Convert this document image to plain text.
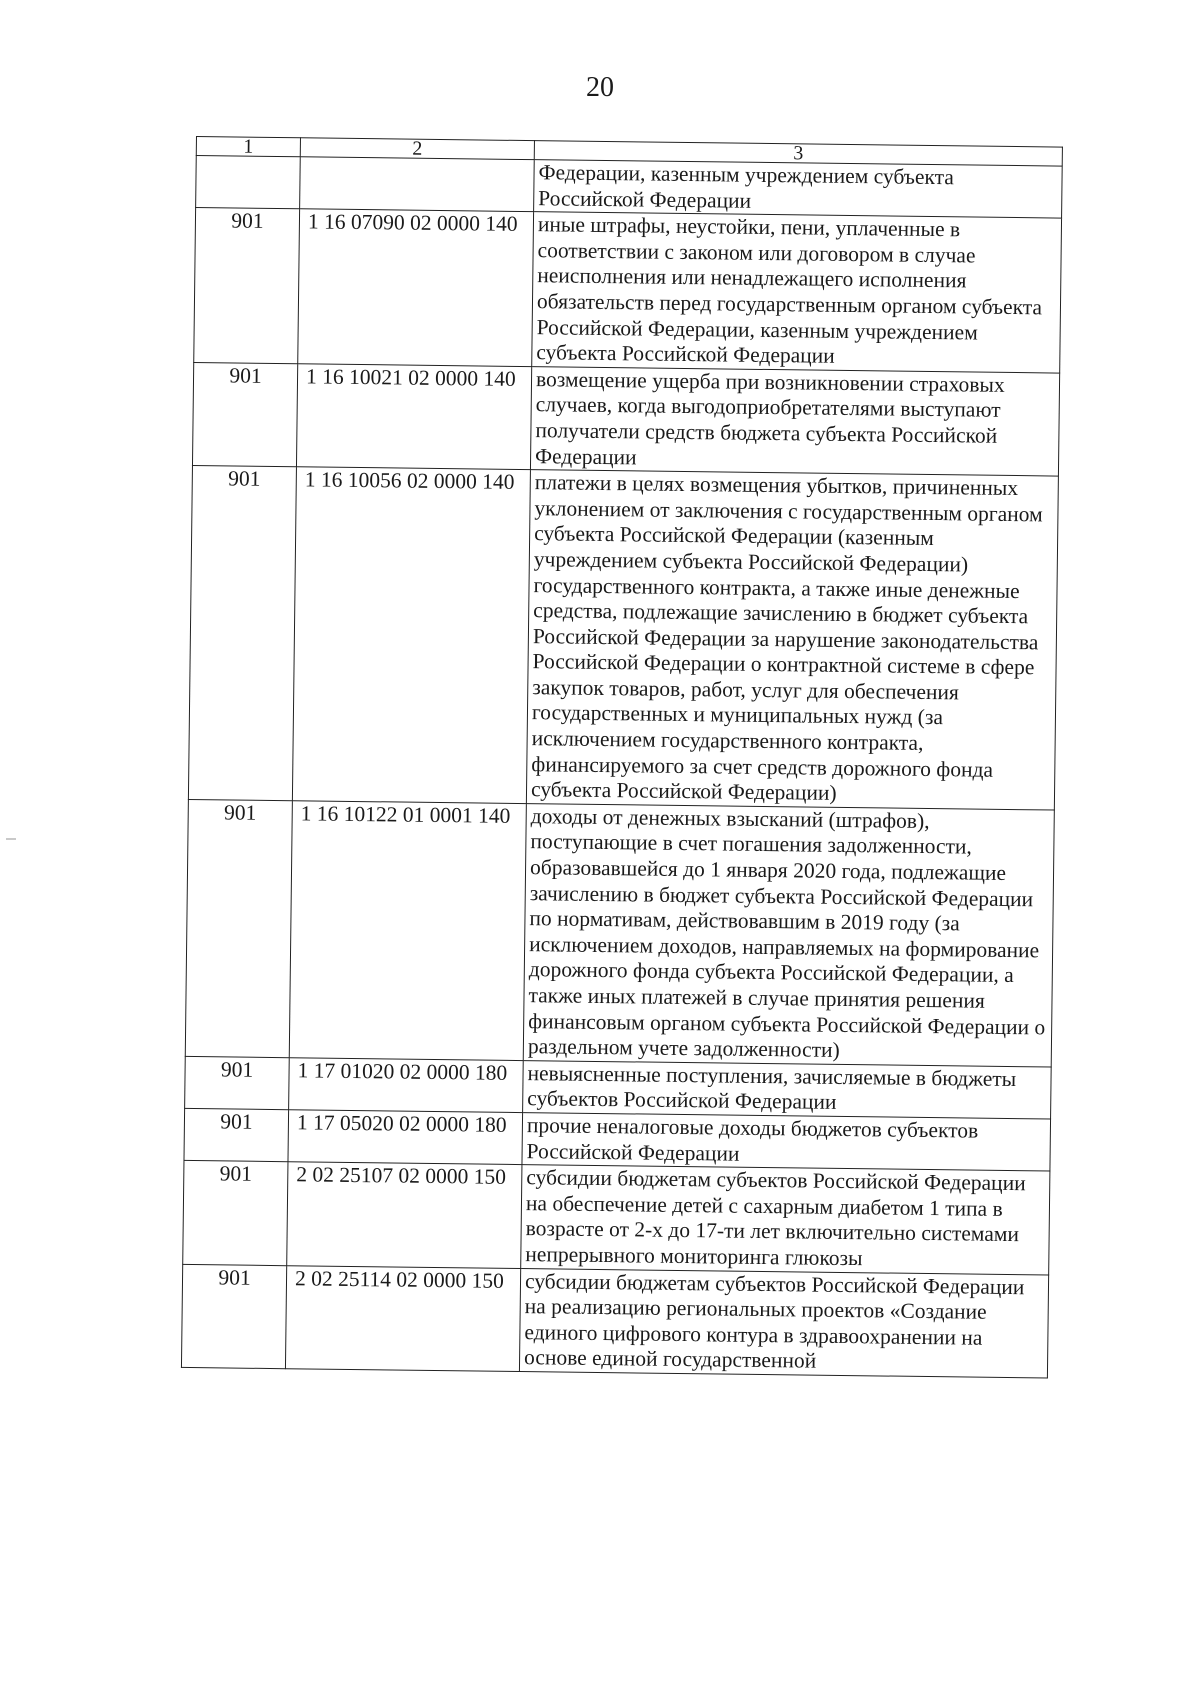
20
1	2	3
		Федерации, казенным учреждением субъекта Российской Федерации
901	1 16 07090 02 0000 140	иные штрафы, неустойки, пени, уплаченные в соответствии с законом или договором в случае неисполнения или ненадлежащего исполнения обязательств перед государственным органом субъекта Российской Федерации, казенным учреждением субъекта Российской Федерации
901	1 16 10021 02 0000 140	возмещение ущерба при возникновении страховых случаев, когда выгодоприобретателями выступают получатели средств бюджета субъекта Российской Федерации
901	1 16 10056 02 0000 140	платежи в целях возмещения убытков, причиненных уклонением от заключения с государственным органом субъекта Российской Федерации (казенным учреждением субъекта Российской Федерации) государственного контракта, а также иные денежные средства, подлежащие зачислению в бюджет субъекта Российской Федерации за нарушение законодательства Российской Федерации о контрактной системе в сфере закупок товаров, работ, услуг для обеспечения государственных и муниципальных нужд (за исключением государственного контракта, финансируемого за счет средств дорожного фонда субъекта Российской Федерации)
901	1 16 10122 01 0001 140	доходы от денежных взысканий (штрафов), поступающие в счет погашения задолженности, образовавшейся до 1 января 2020 года, подлежащие зачислению в бюджет субъекта Российской Федерации по нормативам, действовавшим в 2019 году (за исключением доходов, направляемых на формирование дорожного фонда субъекта Российской Федерации, а также иных платежей в случае принятия решения финансовым органом субъекта Российской Федерации о раздельном учете задолженности)
901	1 17 01020 02 0000 180	невыясненные поступления, зачисляемые в бюджеты субъектов Российской Федерации
901	1 17 05020 02 0000 180	прочие неналоговые доходы бюджетов субъектов Российской Федерации
901	2 02 25107 02 0000 150	субсидии бюджетам субъектов Российской Федерации на обеспечение детей с сахарным диабетом 1 типа в возрасте от 2-х до 17-ти лет включительно системами непрерывного мониторинга глюкозы
901	2 02 25114 02 0000 150	субсидии бюджетам субъектов Российской Федерации на реализацию региональных проектов «Создание единого цифрового контура в здравоохранении на основе единой государственной
